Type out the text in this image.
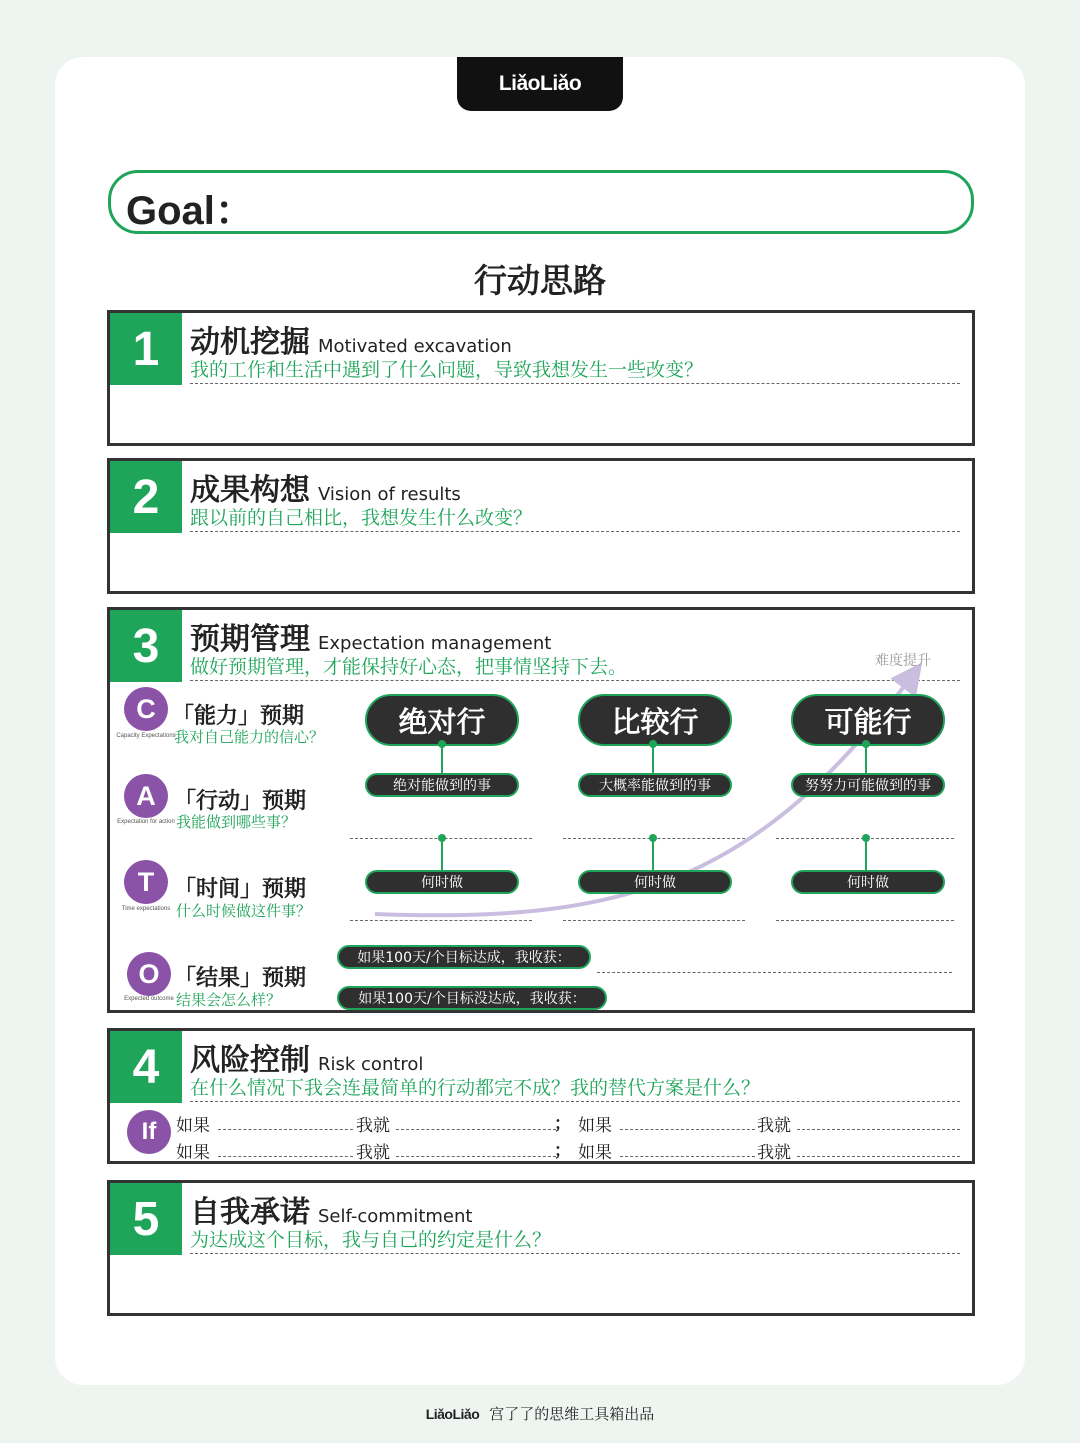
LiǎoLiǎo
Goal：
行动思路
1	动机挖掘 Motivated excavation
我的工作和生活中遇到了什么问题，导致我想发生一些改变？
2	成果构想 Vision of results
跟以前的自己相比，我想发生什么改变？
3	预期管理 Expectation management
做好预期管理，才能保持好心态，把事情坚持下去。	难度提升
C
Capacity Expectations
「能力」预期
我对自己能力的信心？
A
Expectation for action
「行动」预期
我能做到哪些事？
T
Time expectations
「时间」预期
什么时候做这件事？
O
Expected outcome
「结果」预期
结果会怎么样？
绝对行
绝对能做到的事
何时做
比较行
大概率能做到的事
何时做
可能行
努努力可能做到的事
何时做
如果100天/个目标达成，我收获：
如果100天/个目标没达成，我收获：
4	风险控制 Risk control
在什么情况下我会连最简单的行动都完不成？我的替代方案是什么？
If	如果	我就	； 如果	我就
如果	我就	； 如果	我就
5	自我承诺 Self-commitment
为达成这个目标，我与自己的约定是什么？
LiǎoLiǎo 宫了了的思维工具箱出品
